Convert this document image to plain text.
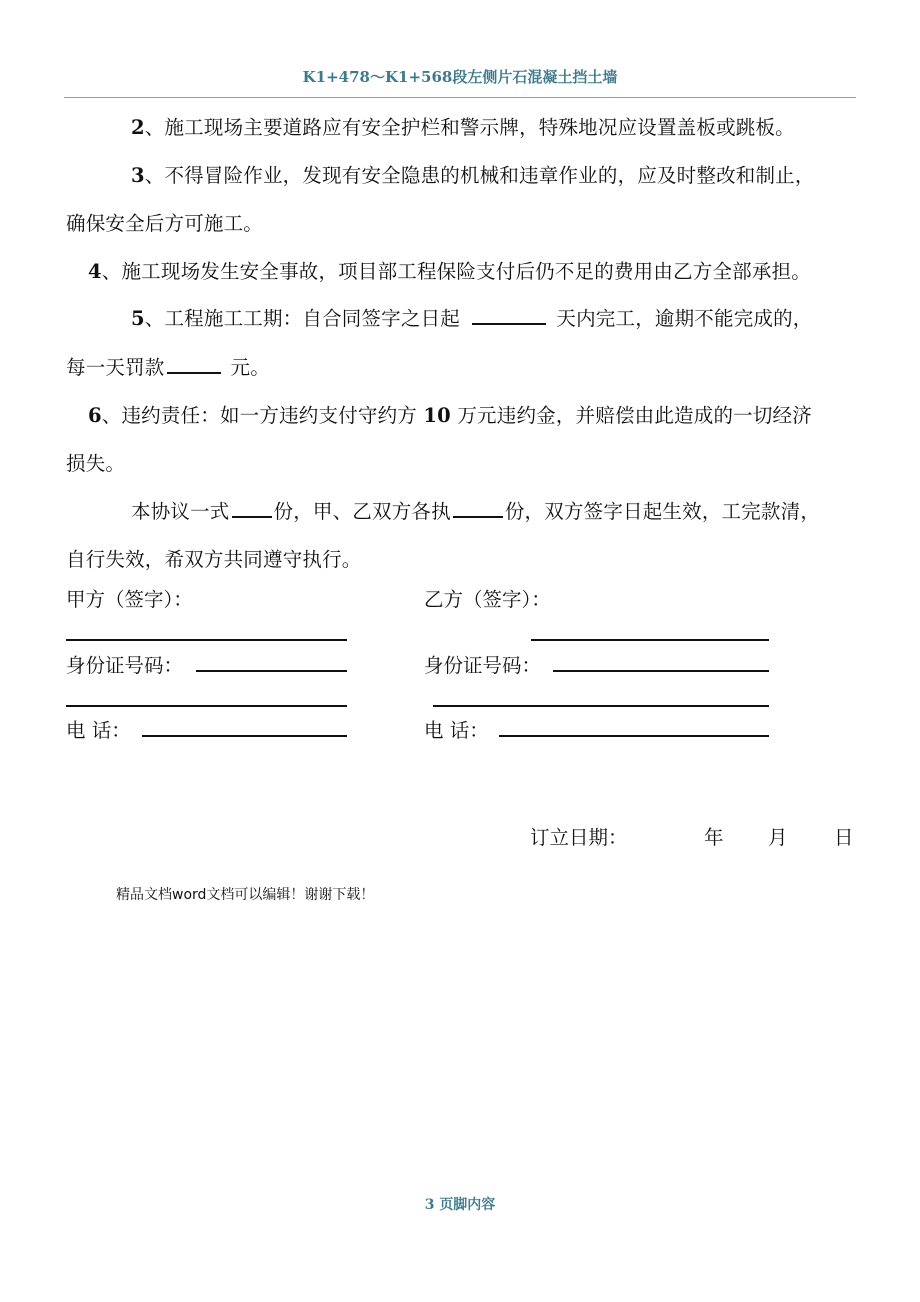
K1+478～K1+568段左侧片石混凝土挡土墙
2、施工现场主要道路应有安全护栏和警示牌，特殊地况应设置盖板或跳板。
3、不得冒险作业，发现有安全隐患的机械和违章作业的，应及时整改和制止，
确保安全后方可施工。
4、施工现场发生安全事故，项目部工程保险支付后仍不足的费用由乙方全部承担。
5、工程施工工期：自合同签字之日起	天内完工，逾期不能完成的，
每一天罚款	元。
6、违约责任：如一方违约支付守约方 10 万元违约金，并赔偿由此造成的一切经济
损失。
本协议一式 份，甲、乙双方各执	份，双方签字日起生效，工完款清，
自行失效，希双方共同遵守执行。
甲方（签字）：
身份证号码：
电 话：
乙方（签字）：
身份证号码：
电 话：
订立日期：	年 月 日
精品文档word文档可以编辑！谢谢下载！
3 页脚内容
